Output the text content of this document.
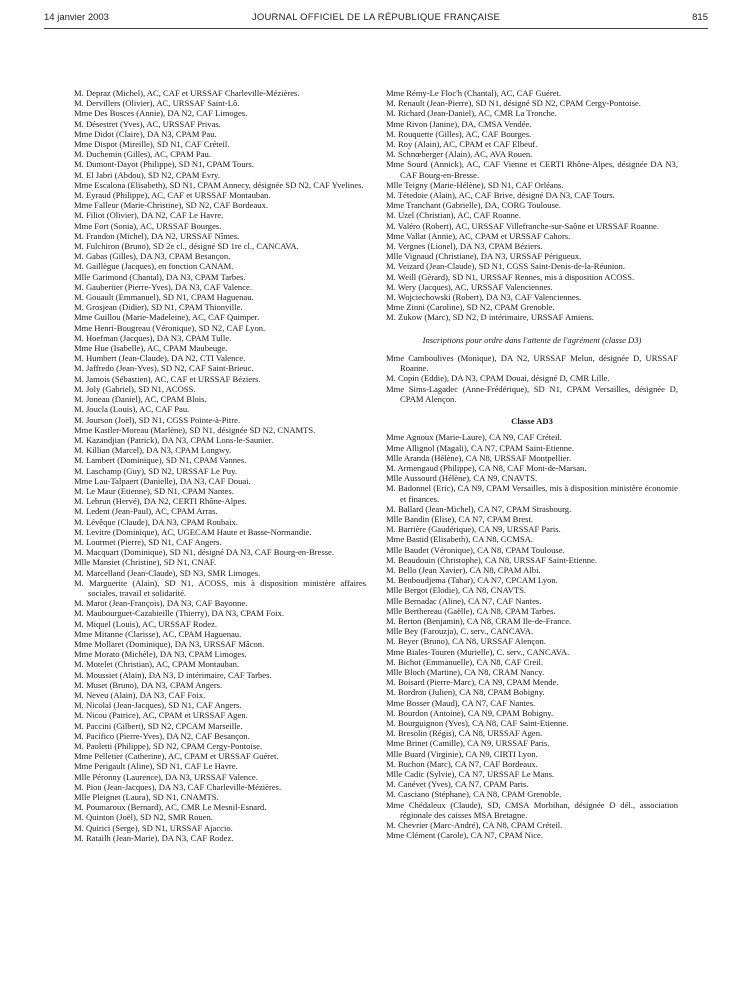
14 janvier 2003	JOURNAL OFFICIEL DE LA RÉPUBLIQUE FRANÇAISE	815

M. Depraz (Michel), AC, CAF et URSSAF Charleville-Mézières.

M. Dervillers (Olivier), AC, URSSAF Saint-Lô.

Mme Des Bosces (Annie), DA N2, CAF Limoges.

M. Désestret (Yves), AC, URSSAF Privas.

Mme Didot (Claire), DA N3, CPAM Pau.

Mme Dispot (Mireille), SD N1, CAF Créteil.

M. Duchemin (Gilles), AC, CPAM Pau.

M. Dumont-Dayot (Philippe), SD N1, CPAM Tours.

M. El Jabri (Abdou), SD N2, CPAM Evry.

Mme Escalona (Elisabeth), SD N1, CPAM Annecy, désignée SD N2, CAF Yvelines.

M. Eyraud (Philippe), AC, CAF et URSSAF Montauban.

Mme Falleur (Marie-Christine), SD N2, CAF Bordeaux.

M. Filiot (Olivier), DA N2, CAF Le Havre.

Mme Fort (Sonia), AC, URSSAF Bourges.

M. Frandon (Michel), DA N2, URSSAF Nîmes.

M. Fulchiron (Bruno), SD 2e cl., désigné SD 1re cl., CANCAVA.

M. Gabas (Gilles), DA N3, CPAM Besançon.

M. Gaillègue (Jacques), en fonction CANAM.

Mlle Garimond (Chantal), DA N3, CPAM Tarbes.

M. Gaubertier (Pierre-Yves), DA N3, CAF Valence.

M. Gouault (Emmanuel), SD N1, CPAM Haguenau.

M. Grosjean (Didier), SD N1, CPAM Thionville.

Mme Guillou (Marie-Madeleine), AC, CAF Quimper.

Mme Henri-Bougreau (Véronique), SD N2, CAF Lyon.

M. Hoefman (Jacques), DA N3, CPAM Tulle.

Mme Hue (Isabelle), AC, CPAM Maubeuge.

M. Humbert (Jean-Claude), DA N2, CTI Valence.

M. Jaffredo (Jean-Yves), SD N2, CAF Saint-Brieuc.

M. Jamois (Sébastien), AC, CAF et URSSAF Béziers.

M. Joly (Gabriel), SD N1, ACOSS.

M. Joneau (Daniel), AC, CPAM Blois.

M. Joucla (Louis), AC, CAF Pau.

M. Jourson (Joël), SD N1, CGSS Pointe-à-Pitre.

Mme Kastler-Moreau (Marlène), SD N1, désignée SD N2, CNAMTS.

M. Kazandjian (Patrick), DA N3, CPAM Lons-le-Saunier.

M. Killian (Marcel), DA N3, CPAM Longwy.

M. Lambert (Dominique), SD N1, CPAM Vannes.

M. Laschamp (Guy), SD N2, URSSAF Le Puy.

Mme Lau-Talpaert (Danielle), DA N3, CAF Douai.

M. Le Maur (Etienne), SD N1, CPAM Nantes.

M. Lebrun (Hervé), DA N2, CERTI Rhône-Alpes.

M. Ledent (Jean-Paul), AC, CPAM Arras.

M. Lévêque (Claude), DA N3, CPAM Roubaix.

M. Levitre (Dominique), AC, UGECAM Haute et Basse-Normandie.

M. Lourmet (Pierre), SD N1, CAF Angers.

M. Macquart (Dominique), SD N1, désigné DA N3, CAF Bourg-en-Bresse.

Mlle Mansiet (Christine), SD N1, CNAF.

M. Marcelland (Jean-Claude), SD N3, SMR Limoges.

M. Marguerite (Alain), SD N1, ACOSS, mis à disposition ministère affaires sociales, travail et solidarité.

M. Marot (Jean-François), DA N3, CAF Bayonne.

M. Maubourguet-Cazabieille (Thierry), DA N3, CPAM Foix.

M. Miquel (Louis), AC, URSSAF Rodez.

Mme Mitanne (Clarisse), AC, CPAM Haguenau.

Mme Mollaret (Dominique), DA N3, URSSAF Mâcon.

Mme Morato (Michèle), DA N3, CPAM Limoges.

M. Motelet (Christian), AC, CPAM Montauban.

M. Moussiet (Alain), DA N3, D intérimaire, CAF Tarbes.

M. Muset (Bruno), DA N3, CPAM Angers.

M. Neveu (Alain), DA N3, CAF Foix.

M. Nicolaï (Jean-Jacques), SD N1, CAF Angers.

M. Nicou (Patrice), AC, CPAM et URSSAF Agen.

M. Paccini (Gilbert), SD N2, CPCAM Marseille.

M. Pacifico (Pierre-Yves), DA N2, CAF Besançon.

M. Paoletti (Philippe), SD N2, CPAM Cergy-Pontoise.

Mme Pelletier (Catherine), AC, CPAM et URSSAF Guéret.

Mme Perigault (Aline), SD N1, CAF Le Havre.

Mlle Péronny (Laurence), DA N3, URSSAF Valence.

M. Pion (Jean-Jacques), DA N3, CAF Charleville-Mézières.

Mlle Pleignet (Laura), SD N1, CNAMTS.

M. Poumaroux (Bernard), AC, CMR Le Mesnil-Esnard.

M. Quinton (Joël), SD N2, SMR Rouen.

M. Quirici (Serge), SD N1, URSSAF Ajaccio.

M. Ratailh (Jean-Marie), DA N3, CAF Rodez.

Mme Rémy-Le Floc'h (Chantal), AC, CAF Guéret.

M. Renault (Jean-Pierre), SD N1, désigné SD N2, CPAM Cergy-Pontoise.

M. Richard (Jean-Daniel), AC, CMR La Tronche.

Mme Rivon (Janine), DA, CMSA Vendée.

M. Rouquette (Gilles), AC, CAF Bourges.

M. Roy (Alain), AC, CPAM et CAF Elbeuf.

M. Schnœberger (Alain), AC, AVA Rouen.

Mme Sourd (Annick), AC, CAF Vienne et CERTI Rhône-Alpes, désignée DA N3, CAF Bourg-en-Bresse.

Mlle Teigny (Marie-Hélène), SD N1, CAF Orléans.

M. Tétedoie (Alain), AC, CAF Brive, désigné DA N3, CAF Tours.

Mme Tranchant (Gabrielle), DA, CORG Toulouse.

M. Uzel (Christian), AC, CAF Roanne.

M. Valéro (Robert), AC, URSSAF Villefranche-sur-Saône et URSSAF Roanne.

Mme Vallat (Annie), AC, CPAM et URSSAF Cahors.

M. Vergnes (Lionel), DA N3, CPAM Béziers.

Mlle Vignaud (Christiane), DA N3, URSSAF Périgueux.

M. Veizard (Jean-Claude), SD N1, CGSS Saint-Denis-de-la-Réunion.

M. Weill (Gérard), SD N1, URSSAF Rennes, mis à disposition ACOSS.

M. Wery (Jacques), AC, URSSAF Valenciennes.

M. Wojciechowski (Robert), DA N3, CAF Valenciennes.

Mme Zinni (Caroline), SD N2, CPAM Grenoble.

M. Zukow (Marc), SD N2, D intérimaire, URSSAF Amiens.

Inscriptions pour ordre dans l'attente de l'agrément (classe D3)

Mme Camboulives (Monique), DA N2, URSSAF Melun, désignée D, URSSAF Roanne.

M. Copin (Eddie), DA N3, CPAM Douai, désigné D, CMR Lille.

Mme Sims-Lagadec (Anne-Frédérique), SD N1, CPAM Versailles, désignée D, CPAM Alençon.

Classe AD3

Mme Agnoux (Marie-Laure), CA N9, CAF Créteil.

Mme Allignol (Magali), CA N7, CPAM Saint-Etienne.

Mlle Aranda (Hélène), CA N8, URSSAF Montpellier.

M. Armengaud (Philippe), CA N8, CAF Mont-de-Marsan.

Mlle Aussourd (Hélène), CA N9, CNAVTS.

M. Badonnel (Eric), CA N9, CPAM Versailles, mis à disposition ministère économie et finances.

M. Ballard (Jean-Michel), CA N7, CPAM Strasbourg.

Mlle Bandin (Elise), CA N7, CPAM Brest.

M. Barrière (Gaudérique), CA N9, URSSAF Paris.

Mme Bastid (Elisabeth), CA N8, CCMSA.

Mlle Baudet (Véronique), CA N8, CPAM Toulouse.

M. Beaudouin (Christophe), CA N8, URSSAF Saint-Etienne.

M. Bello (Jean Xavier), CA N8, CPAM Albi.

M. Benboudjema (Tahar), CA N7, CPCAM Lyon.

Mlle Bergot (Elodie), CA N8, CNAVTS.

Mlle Bernadac (Aline), CA N7, CAF Nantes.

Mlle Berthereau (Gaëlle), CA N8, CPAM Tarbes.

M. Berton (Benjamin), CA N8, CRAM Ile-de-France.

Mlle Bey (Farouzja), C. serv., CANCAVA.

M. Beyer (Bruno), CA N8, URSSAF Alençon.

Mme Biales-Touren (Murielle), C. serv., CANCAVA.

M. Bichot (Emmanuelle), CA N8, CAF Creil.

Mlle Bloch (Martine), CA N8, CRAM Nancy.

M. Boisard (Pierre-Marc), CA N9, CPAM Mende.

M. Bordron (Julien), CA N8, CPAM Bobigny.

Mme Bosser (Maud), CA N7, CAF Nantes.

M. Bourdon (Antoine), CA N9, CPAM Bobigny.

M. Bourguignon (Yves), CA N8, CAF Saint-Etienne.

M. Bresolin (Régis), CA N8, URSSAF Agen.

Mme Brinet (Camille), CA N9, URSSAF Paris.

Mlle Buard (Virginie), CA N9, CIRTI Lyon.

M. Buchon (Marc), CA N7, CAF Bordeaux.

Mlle Cadic (Sylvie), CA N7, URSSAF Le Mans.

M. Canévet (Yves), CA N7, CPAM Paris.

M. Casciano (Stéphane), CA N8, CPAM Grenoble.

Mme Chédaleux (Claude), SD, CMSA Morbihan, désignée D dél., association régionale des caisses MSA Bretagne.

M. Chevrier (Marc-André), CA N8, CPAM Créteil.

Mme Clément (Carole), CA N7, CPAM Nice.
